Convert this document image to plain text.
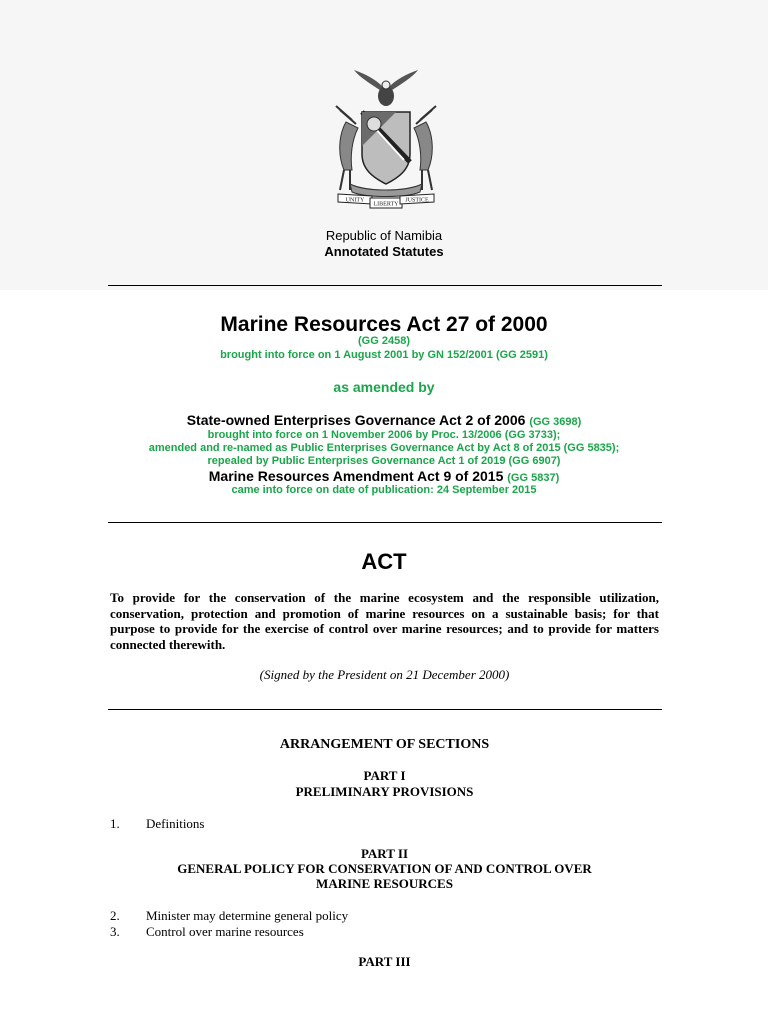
UNITY
LIBERTY
JUSTICE
Republic of Namibia
Annotated Statutes
Marine Resources Act 27 of 2000
(GG 2458)
brought into force on 1 August 2001 by GN 152/2001 (GG 2591)
as amended by
State-owned Enterprises Governance Act 2 of 2006 (GG 3698)
brought into force on 1 November 2006 by Proc. 13/2006 (GG 3733);
amended and re-named as Public Enterprises Governance Act by Act 8 of 2015 (GG 5835);
repealed by Public Enterprises Governance Act 1 of 2019 (GG 6907)
Marine Resources Amendment Act 9 of 2015 (GG 5837)
came into force on date of publication: 24 September 2015
ACT
To provide for the conservation of the marine ecosystem and the responsible utilization, conservation, protection and promotion of marine resources on a sustainable basis; for that purpose to provide for the exercise of control over marine resources; and to provide for matters connected therewith.
(Signed by the President on 21 December 2000)
ARRANGEMENT OF SECTIONS
PART I
PRELIMINARY PROVISIONS
1. Definitions
PART II
GENERAL POLICY FOR CONSERVATION OF AND CONTROL OVER
MARINE RESOURCES
2. Minister may determine general policy
3. Control over marine resources
PART III
